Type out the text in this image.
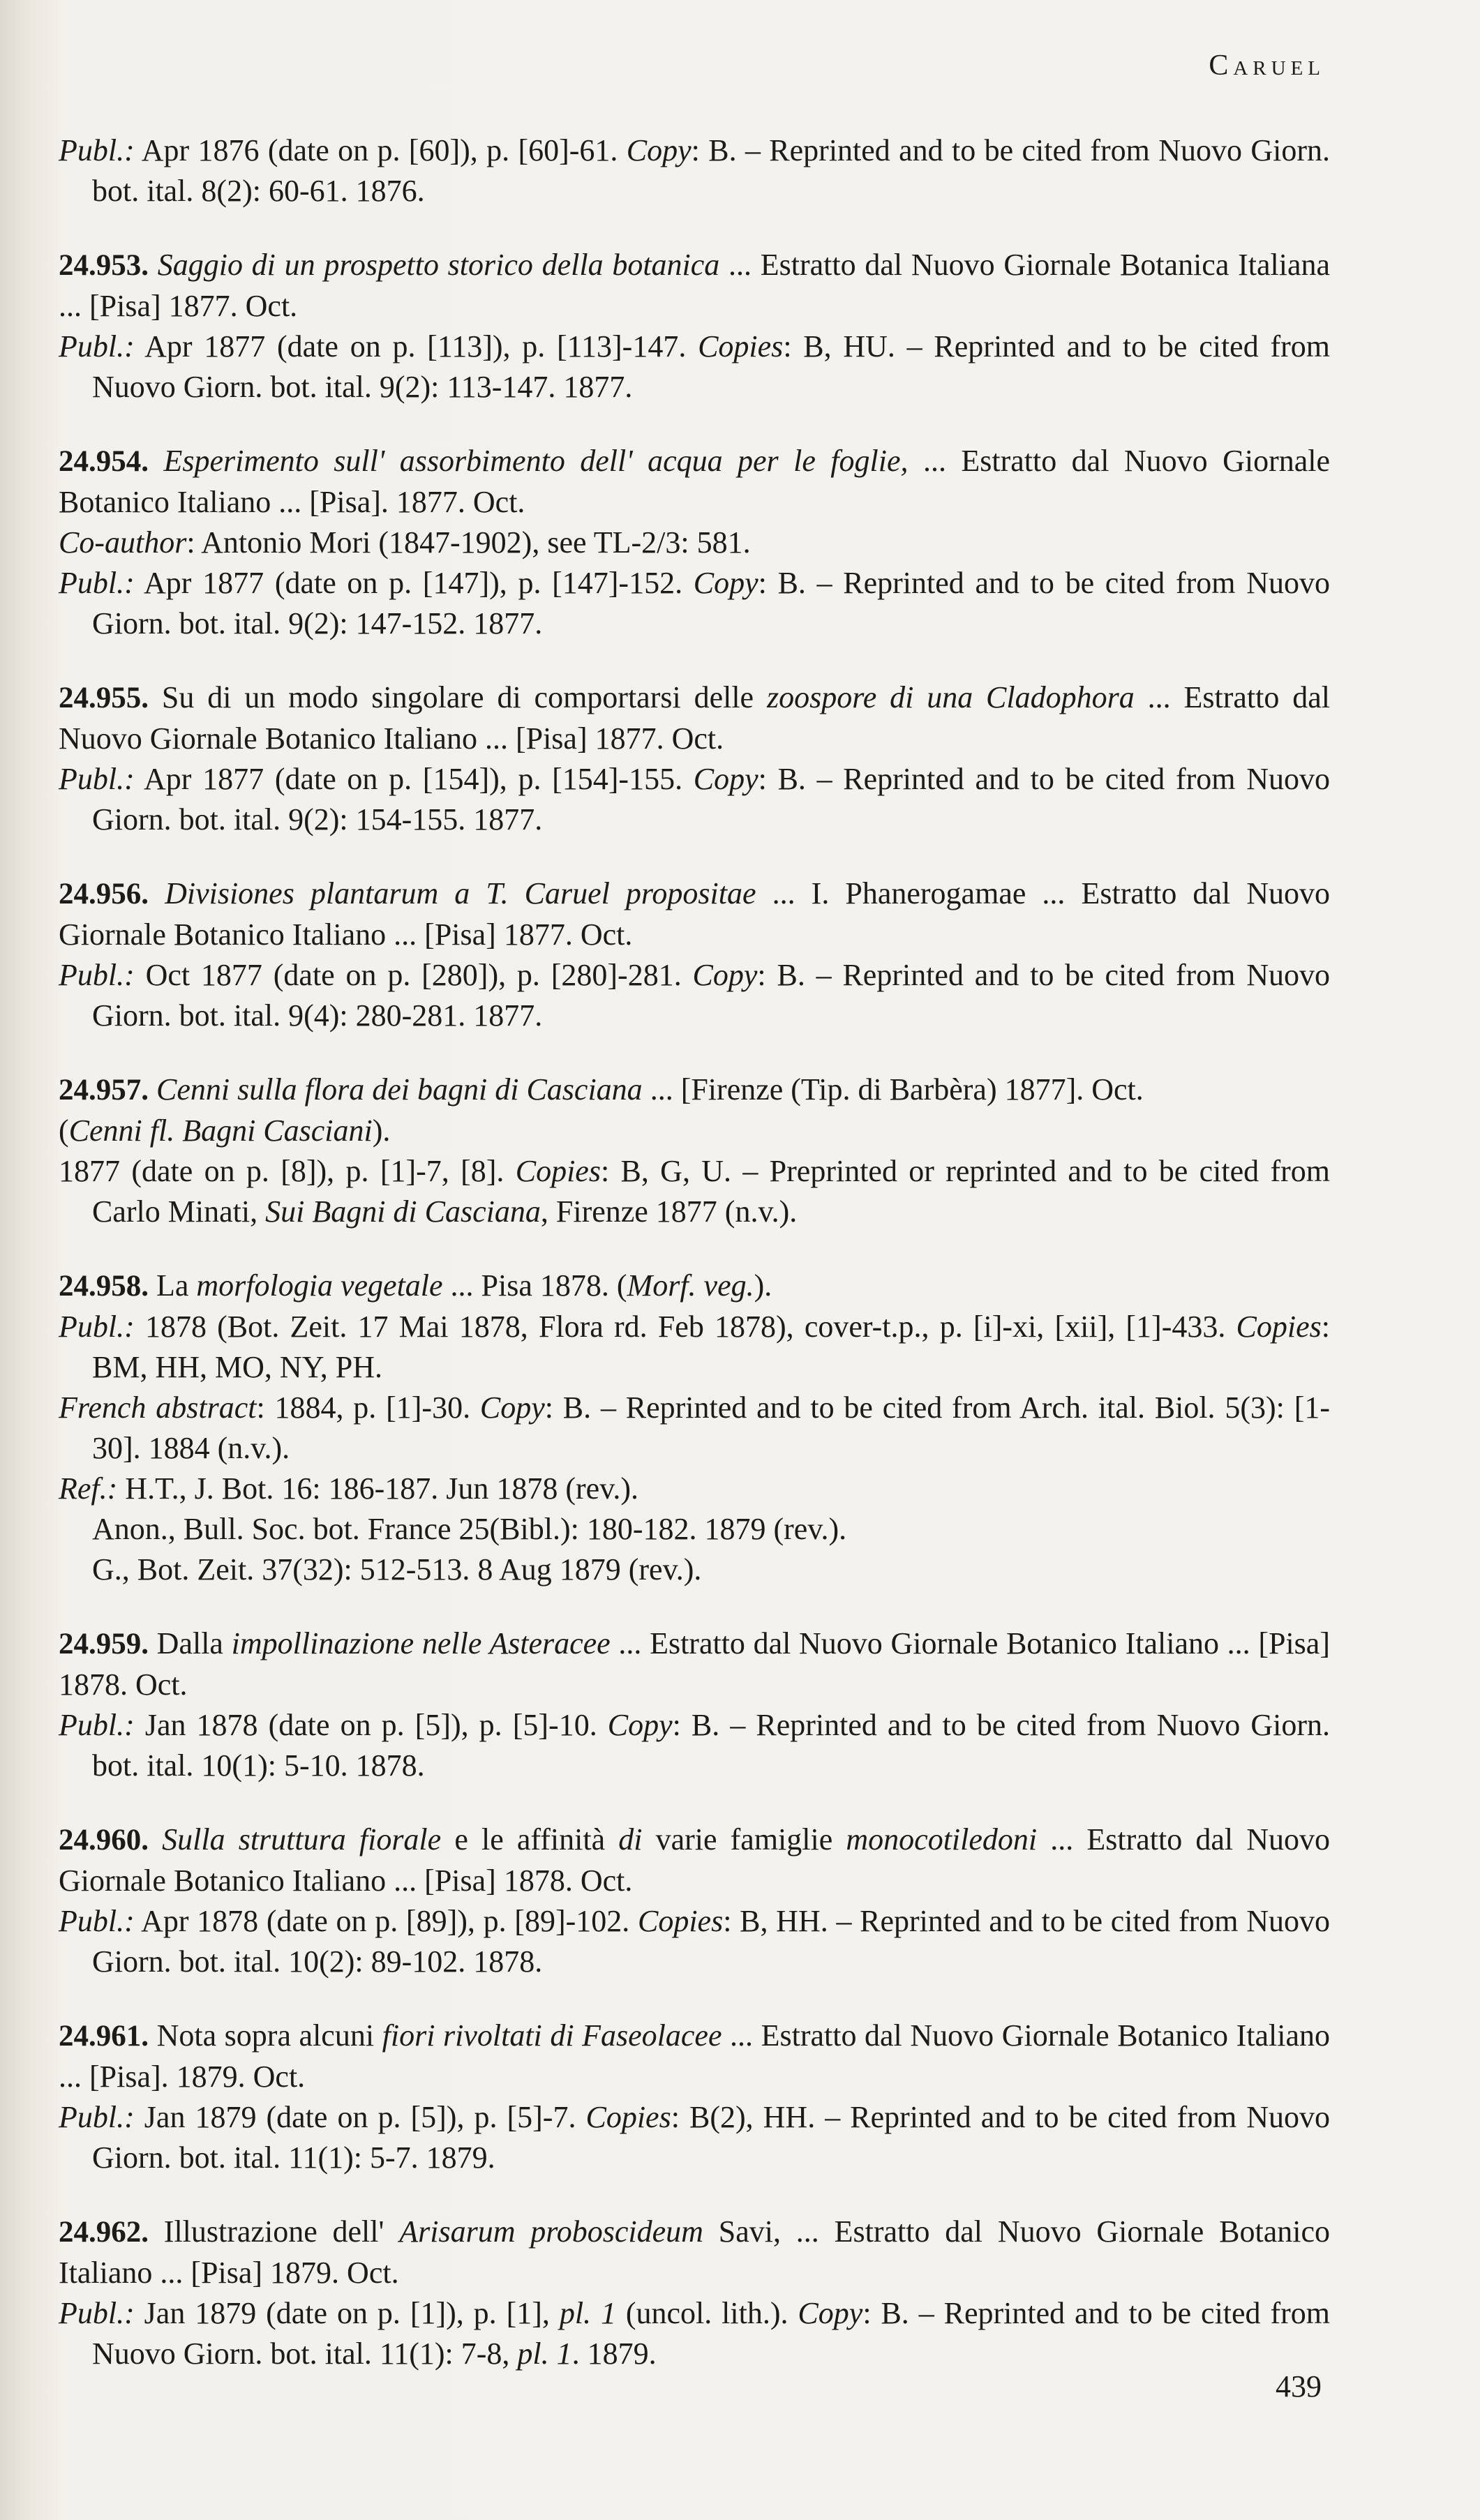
Caruel

Publ.: Apr 1876 (date on p. [60]), p. [60]-61. Copy: B. – Reprinted and to be cited from Nuovo Giorn. bot. ital. 8(2): 60-61. 1876.

24.953. Saggio di un prospetto storico della botanica ... Estratto dal Nuovo Giornale Botanica Italiana ... [Pisa] 1877. Oct.

Publ.: Apr 1877 (date on p. [113]), p. [113]-147. Copies: B, HU. – Reprinted and to be cited from Nuovo Giorn. bot. ital. 9(2): 113-147. 1877.

24.954. Esperimento sull' assorbimento dell' acqua per le foglie, ... Estratto dal Nuovo Giornale Botanico Italiano ... [Pisa]. 1877. Oct.

Co-author: Antonio Mori (1847-1902), see TL-2/3: 581.

Publ.: Apr 1877 (date on p. [147]), p. [147]-152. Copy: B. – Reprinted and to be cited from Nuovo Giorn. bot. ital. 9(2): 147-152. 1877.

24.955. Su di un modo singolare di comportarsi delle zoospore di una Cladophora ... Estratto dal Nuovo Giornale Botanico Italiano ... [Pisa] 1877. Oct.

Publ.: Apr 1877 (date on p. [154]), p. [154]-155. Copy: B. – Reprinted and to be cited from Nuovo Giorn. bot. ital. 9(2): 154-155. 1877.

24.956. Divisiones plantarum a T. Caruel propositae ... I. Phanerogamae ... Estratto dal Nuovo Giornale Botanico Italiano ... [Pisa] 1877. Oct.

Publ.: Oct 1877 (date on p. [280]), p. [280]-281. Copy: B. – Reprinted and to be cited from Nuovo Giorn. bot. ital. 9(4): 280-281. 1877.

24.957. Cenni sulla flora dei bagni di Casciana ... [Firenze (Tip. di Barbèra) 1877]. Oct.

(Cenni fl. Bagni Casciani).

1877 (date on p. [8]), p. [1]-7, [8]. Copies: B, G, U. – Preprinted or reprinted and to be cited from Carlo Minati, Sui Bagni di Casciana, Firenze 1877 (n.v.).

24.958. La morfologia vegetale ... Pisa 1878. (Morf. veg.).

Publ.: 1878 (Bot. Zeit. 17 Mai 1878, Flora rd. Feb 1878), cover-t.p., p. [i]-xi, [xii], [1]-433. Copies: BM, HH, MO, NY, PH.

French abstract: 1884, p. [1]-30. Copy: B. – Reprinted and to be cited from Arch. ital. Biol. 5(3): [1-30]. 1884 (n.v.).

Ref.: H.T., J. Bot. 16: 186-187. Jun 1878 (rev.).

Anon., Bull. Soc. bot. France 25(Bibl.): 180-182. 1879 (rev.).

G., Bot. Zeit. 37(32): 512-513. 8 Aug 1879 (rev.).

24.959. Dalla impollinazione nelle Asteracee ... Estratto dal Nuovo Giornale Botanico Italiano ... [Pisa] 1878. Oct.

Publ.: Jan 1878 (date on p. [5]), p. [5]-10. Copy: B. – Reprinted and to be cited from Nuovo Giorn. bot. ital. 10(1): 5-10. 1878.

24.960. Sulla struttura fiorale e le affinità di varie famiglie monocotiledoni ... Estratto dal Nuovo Giornale Botanico Italiano ... [Pisa] 1878. Oct.

Publ.: Apr 1878 (date on p. [89]), p. [89]-102. Copies: B, HH. – Reprinted and to be cited from Nuovo Giorn. bot. ital. 10(2): 89-102. 1878.

24.961. Nota sopra alcuni fiori rivoltati di Faseolacee ... Estratto dal Nuovo Giornale Botanico Italiano ... [Pisa]. 1879. Oct.

Publ.: Jan 1879 (date on p. [5]), p. [5]-7. Copies: B(2), HH. – Reprinted and to be cited from Nuovo Giorn. bot. ital. 11(1): 5-7. 1879.

24.962. Illustrazione dell' Arisarum proboscideum Savi, ... Estratto dal Nuovo Giornale Botanico Italiano ... [Pisa] 1879. Oct.

Publ.: Jan 1879 (date on p. [1]), p. [1], pl. 1 (uncol. lith.). Copy: B. – Reprinted and to be cited from Nuovo Giorn. bot. ital. 11(1): 7-8, pl. 1. 1879.

439
